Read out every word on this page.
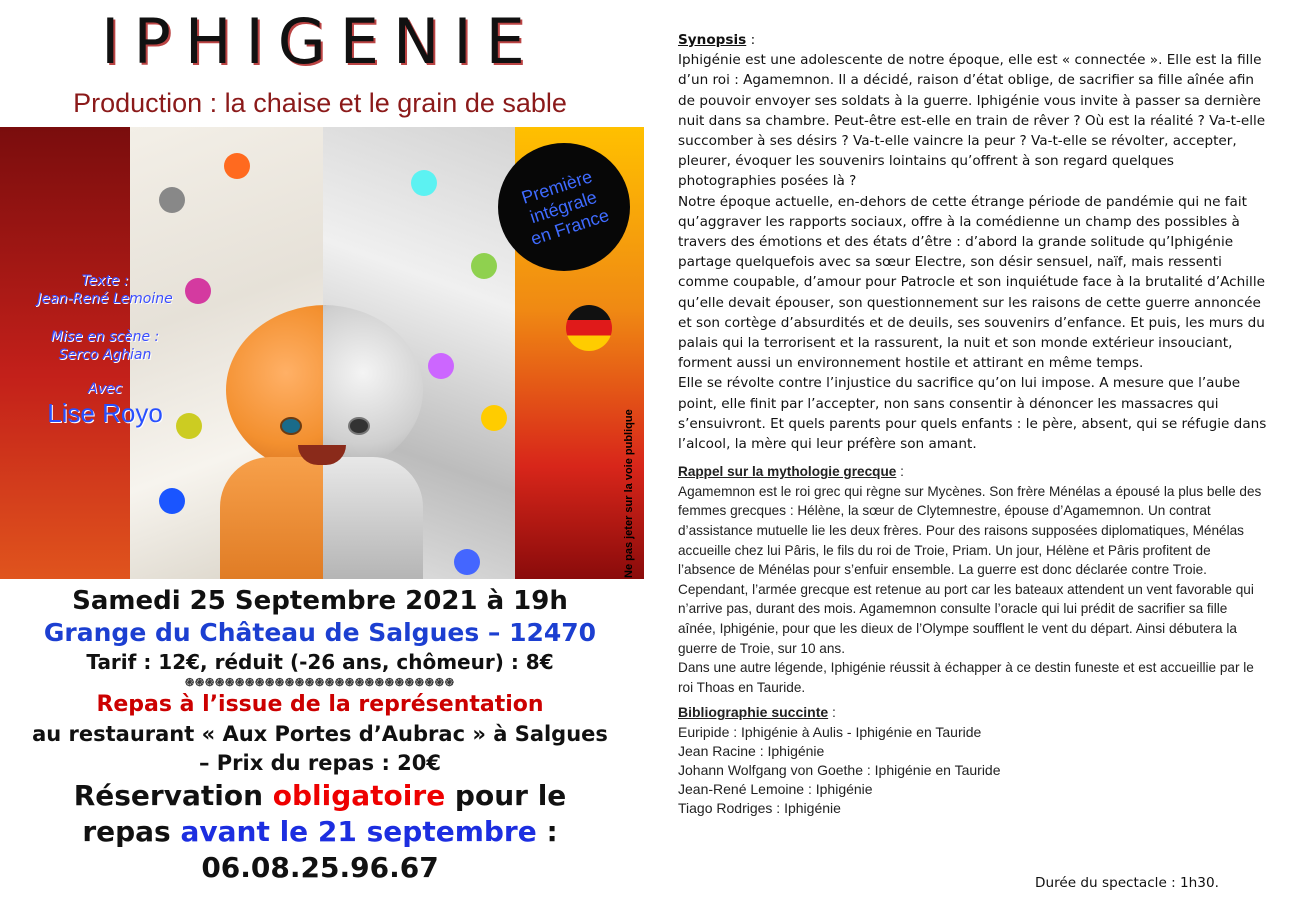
IPHIGENIE
Production : la chaise et le grain de sable
Texte :
Jean-René Lemoine
Mise en scène :
Serco Aghian
Avec
Lise Royo
Première
intégrale
en France
Ne pas jeter sur la voie publique
Samedi 25 Septembre 2021 à 19h
Grange du Château de Salgues – 12470
Tarif : 12€, réduit (-26 ans, chômeur) : 8€
֍֍֍֍֍֍֍֍֍֍֍֍֍֍֍֍֍֍֍֍֍֍֍֍֍֍֍
Repas à l’issue de la représentation
au restaurant « Aux Portes d’Aubrac » à Salgues – Prix du repas : 20€
Réservation obligatoire pour le repas avant le 21 septembre :
06.08.25.96.67

Synopsis :

Iphigénie est une adolescente de notre époque, elle est « connectée ». Elle est la fille d’un roi : Agamemnon. Il a décidé, raison d’état oblige, de sacrifier sa fille aînée afin de pouvoir envoyer ses soldats à la guerre. Iphigénie vous invite à passer sa dernière nuit dans sa chambre. Peut-être est-elle en train de rêver ? Où est la réalité ? Va-t-elle succomber à ses désirs ? Va-t-elle vaincre la peur ? Va-t-elle se révolter, accepter, pleurer, évoquer les souvenirs lointains qu’offrent à son regard quelques photographies posées là ?

Notre époque actuelle, en-dehors de cette étrange période de pandémie qui ne fait qu’aggraver les rapports sociaux, offre à la comédienne un champ des possibles à travers des émotions et des états d’être : d’abord la grande solitude qu’Iphigénie partage quelquefois avec sa sœur Electre, son désir sensuel, naïf, mais ressenti comme coupable, d’amour pour Patrocle et son inquiétude face à la brutalité d’Achille qu’elle devait épouser, son questionnement sur les raisons de cette guerre annoncée et son cortège d’absurdités et de deuils, ses souvenirs d’enfance. Et puis, les murs du palais qui la terrorisent et la rassurent, la nuit et son monde extérieur insouciant, forment aussi un environnement hostile et attirant en même temps.

Elle se révolte contre l’injustice du sacrifice qu’on lui impose. A mesure que l’aube point, elle finit par l’accepter, non sans consentir à dénoncer les massacres qui s’ensuivront. Et quels parents pour quels enfants : le père, absent, qui se réfugie dans l’alcool, la mère qui leur préfère son amant.

Rappel sur la mythologie grecque :

Agamemnon est le roi grec qui règne sur Mycènes. Son frère Ménélas a épousé la plus belle des femmes grecques : Hélène, la sœur de Clytemnestre, épouse d’Agamemnon. Un contrat d’assistance mutuelle lie les deux frères. Pour des raisons supposées diplomatiques, Ménélas accueille chez lui Pâris, le fils du roi de Troie, Priam. Un jour, Hélène et Pâris profitent de l’absence de Ménélas pour s’enfuir ensemble. La guerre est donc déclarée contre Troie. Cependant, l’armée grecque est retenue au port car les bateaux attendent un vent favorable qui n’arrive pas, durant des mois. Agamemnon consulte l’oracle qui lui prédit de sacrifier sa fille aînée, Iphigénie, pour que les dieux de l’Olympe soufflent le vent du départ. Ainsi débutera la guerre de Troie, sur 10 ans.

Dans une autre légende, Iphigénie réussit à échapper à ce destin funeste et est accueillie par le roi Thoas en Tauride.

Bibliographie succinte :

Euripide : Iphigénie à Aulis - Iphigénie en Tauride

Jean Racine : Iphigénie

Johann Wolfgang von Goethe : Iphigénie en Tauride

Jean-René Lemoine : Iphigénie

Tiago Rodriges : Iphigénie

Durée du spectacle : 1h30.
